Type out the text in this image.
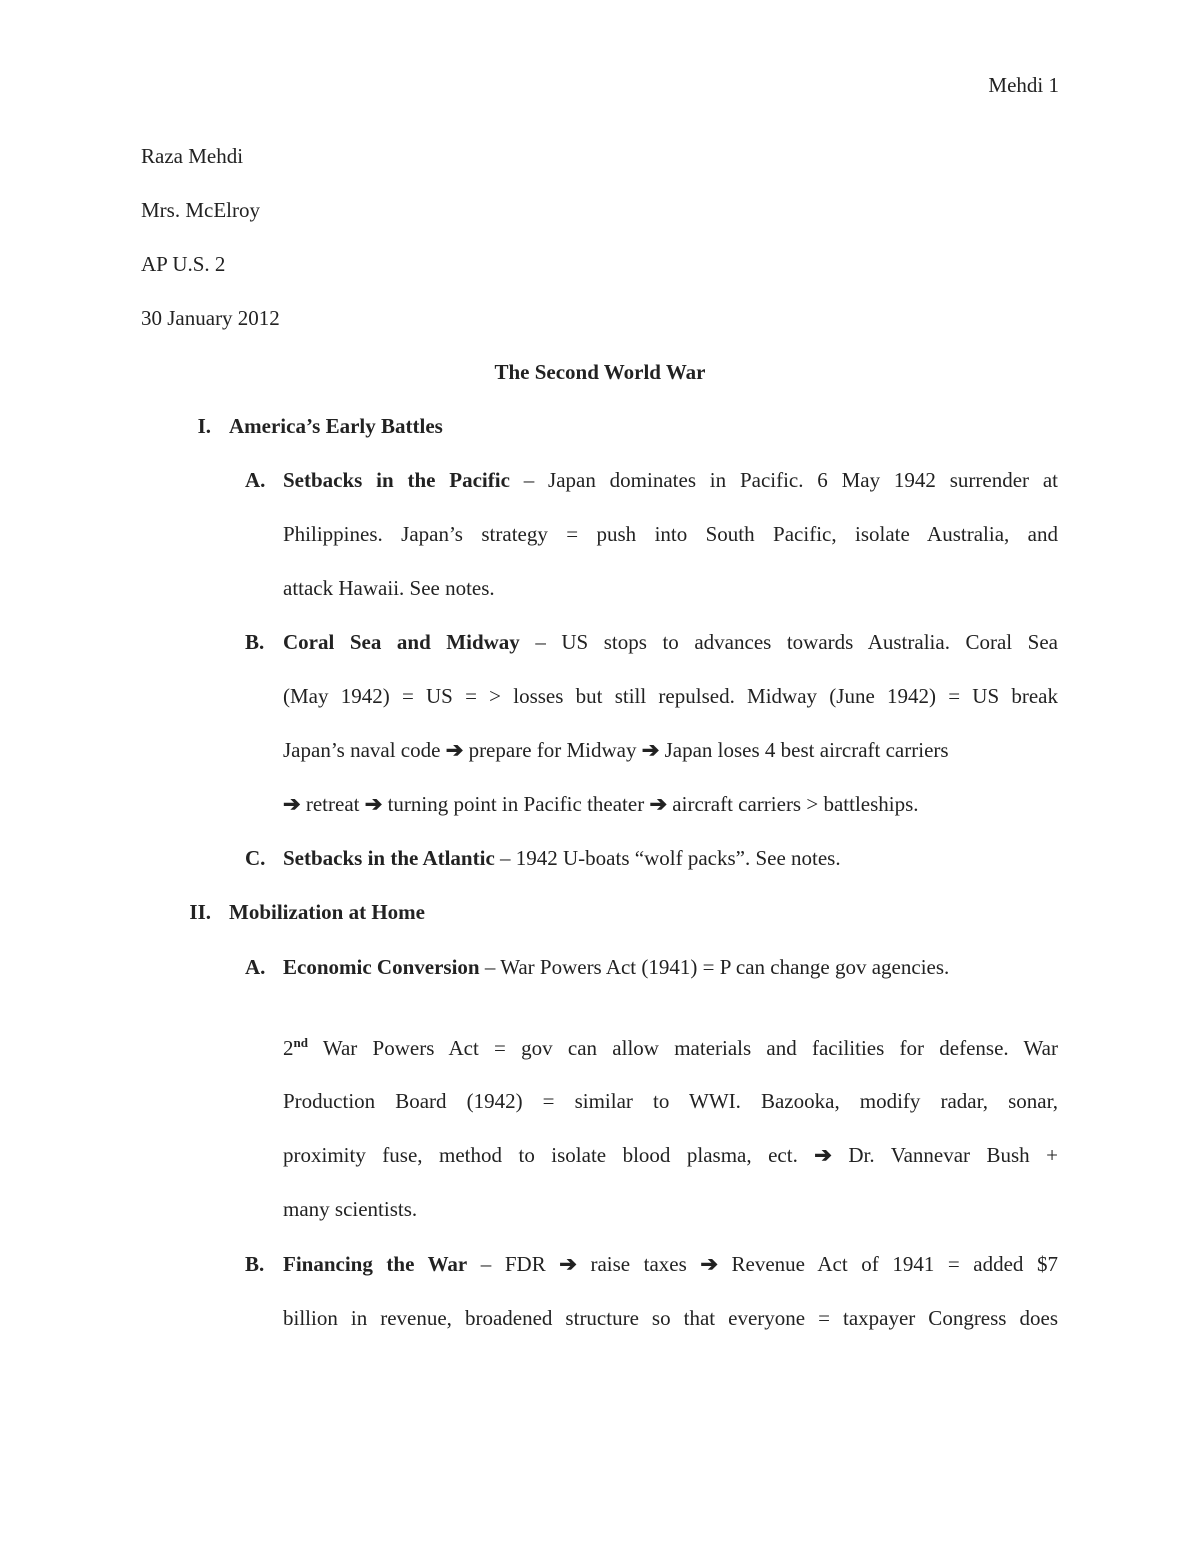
Mehdi 1
Raza Mehdi
Mrs. McElroy
AP U.S. 2
30 January 2012
The Second World War
I. America’s Early Battles
A. Setbacks in the Pacific – Japan dominates in Pacific. 6 May 1942 surrender at
Philippines. Japan’s strategy = push into South Pacific, isolate Australia, and
attack Hawaii. See notes.
B. Coral Sea and Midway – US stops to advances towards Australia. Coral Sea
(May 1942) = US = > losses but still repulsed. Midway (June 1942) = US break
Japan’s naval code ➔ prepare for Midway ➔ Japan loses 4 best aircraft carriers
➔ retreat ➔ turning point in Pacific theater ➔ aircraft carriers > battleships.
C. Setbacks in the Atlantic – 1942 U-boats “wolf packs”. See notes.
II. Mobilization at Home
A. Economic Conversion – War Powers Act (1941) = P can change gov agencies.
2nd War Powers Act = gov can allow materials and facilities for defense. War
Production Board (1942) = similar to WWI. Bazooka, modify radar, sonar,
proximity fuse, method to isolate blood plasma, ect. ➔ Dr. Vannevar Bush +
many scientists.
B. Financing the War – FDR ➔ raise taxes ➔ Revenue Act of 1941 = added $7
billion in revenue, broadened structure so that everyone = taxpayer Congress does
